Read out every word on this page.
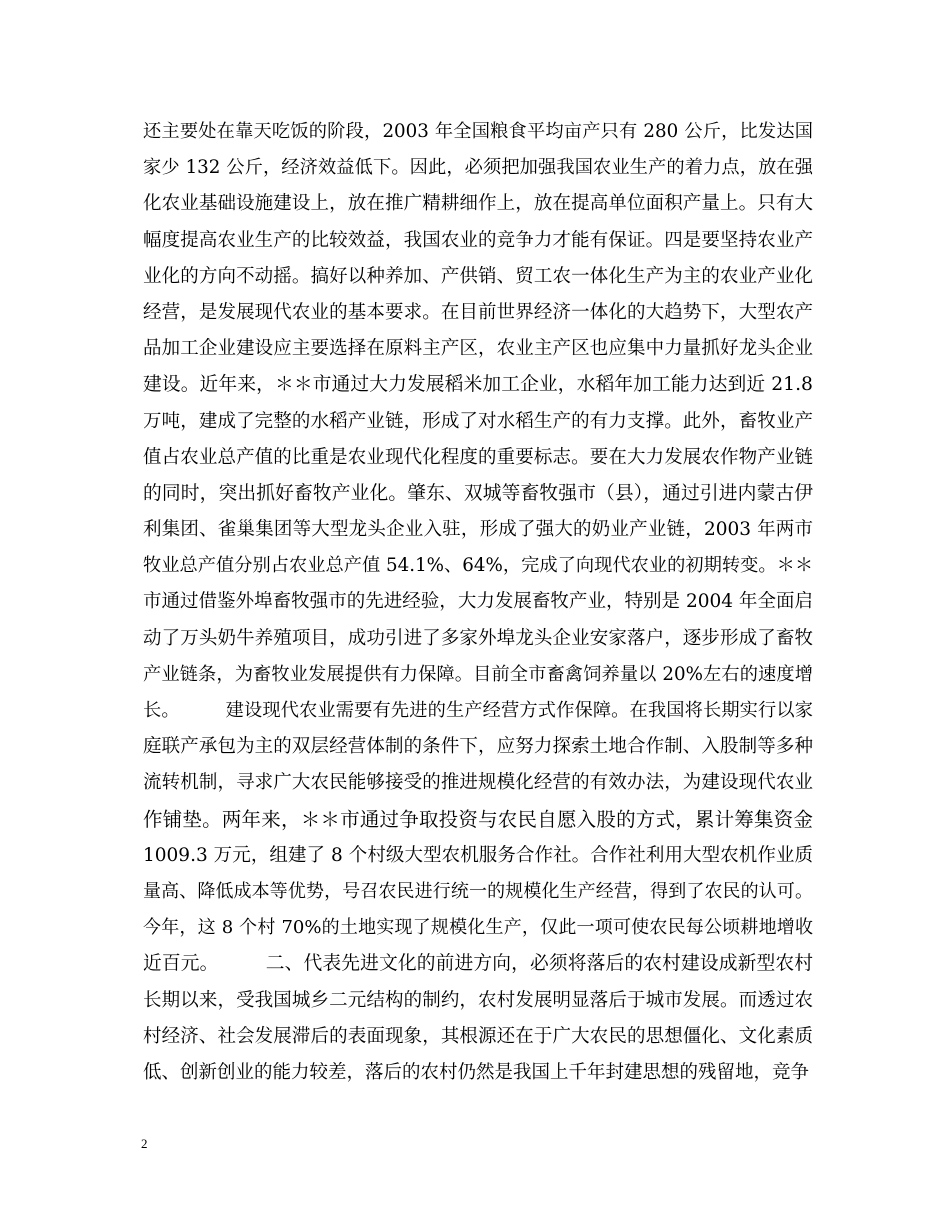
还主要处在靠天吃饭的阶段，2003 年全国粮食平均亩产只有 280 公斤，比发达国
家少 132 公斤，经济效益低下。因此，必须把加强我国农业生产的着力点，放在强
化农业基础设施建设上，放在推广精耕细作上，放在提高单位面积产量上。只有大
幅度提高农业生产的比较效益，我国农业的竞争力才能有保证。四是要坚持农业产
业化的方向不动摇。搞好以种养加、产供销、贸工农一体化生产为主的农业产业化
经营，是发展现代农业的基本要求。在目前世界经济一体化的大趋势下，大型农产
品加工企业建设应主要选择在原料主产区，农业主产区也应集中力量抓好龙头企业
建设。近年来，＊＊市通过大力发展稻米加工企业，水稻年加工能力达到近 21.8
万吨，建成了完整的水稻产业链，形成了对水稻生产的有力支撑。此外，畜牧业产
值占农业总产值的比重是农业现代化程度的重要标志。要在大力发展农作物产业链
的同时，突出抓好畜牧产业化。肇东、双城等畜牧强市（县），通过引进内蒙古伊
利集团、雀巢集团等大型龙头企业入驻，形成了强大的奶业产业链，2003 年两市
牧业总产值分别占农业总产值 54.1%、64%，完成了向现代农业的初期转变。＊＊
市通过借鉴外埠畜牧强市的先进经验，大力发展畜牧产业，特别是 2004 年全面启
动了万头奶牛养殖项目，成功引进了多家外埠龙头企业安家落户，逐步形成了畜牧
产业链条，为畜牧业发展提供有力保障。目前全市畜禽饲养量以 20%左右的速度增
长。　　　建设现代农业需要有先进的生产经营方式作保障。在我国将长期实行以家
庭联产承包为主的双层经营体制的条件下，应努力探索土地合作制、入股制等多种
流转机制，寻求广大农民能够接受的推进规模化经营的有效办法，为建设现代农业
作铺垫。两年来，＊＊市通过争取投资与农民自愿入股的方式，累计筹集资金
1009.3 万元，组建了 8 个村级大型农机服务合作社。合作社利用大型农机作业质
量高、降低成本等优势，号召农民进行统一的规模化生产经营，得到了农民的认可。
今年，这 8 个村 70%的土地实现了规模化生产，仅此一项可使农民每公顷耕地增收
近百元。　　　二、代表先进文化的前进方向，必须将落后的农村建设成新型农村
长期以来，受我国城乡二元结构的制约，农村发展明显落后于城市发展。而透过农
村经济、社会发展滞后的表面现象，其根源还在于广大农民的思想僵化、文化素质
低、创新创业的能力较差，落后的农村仍然是我国上千年封建思想的残留地，竞争
2
